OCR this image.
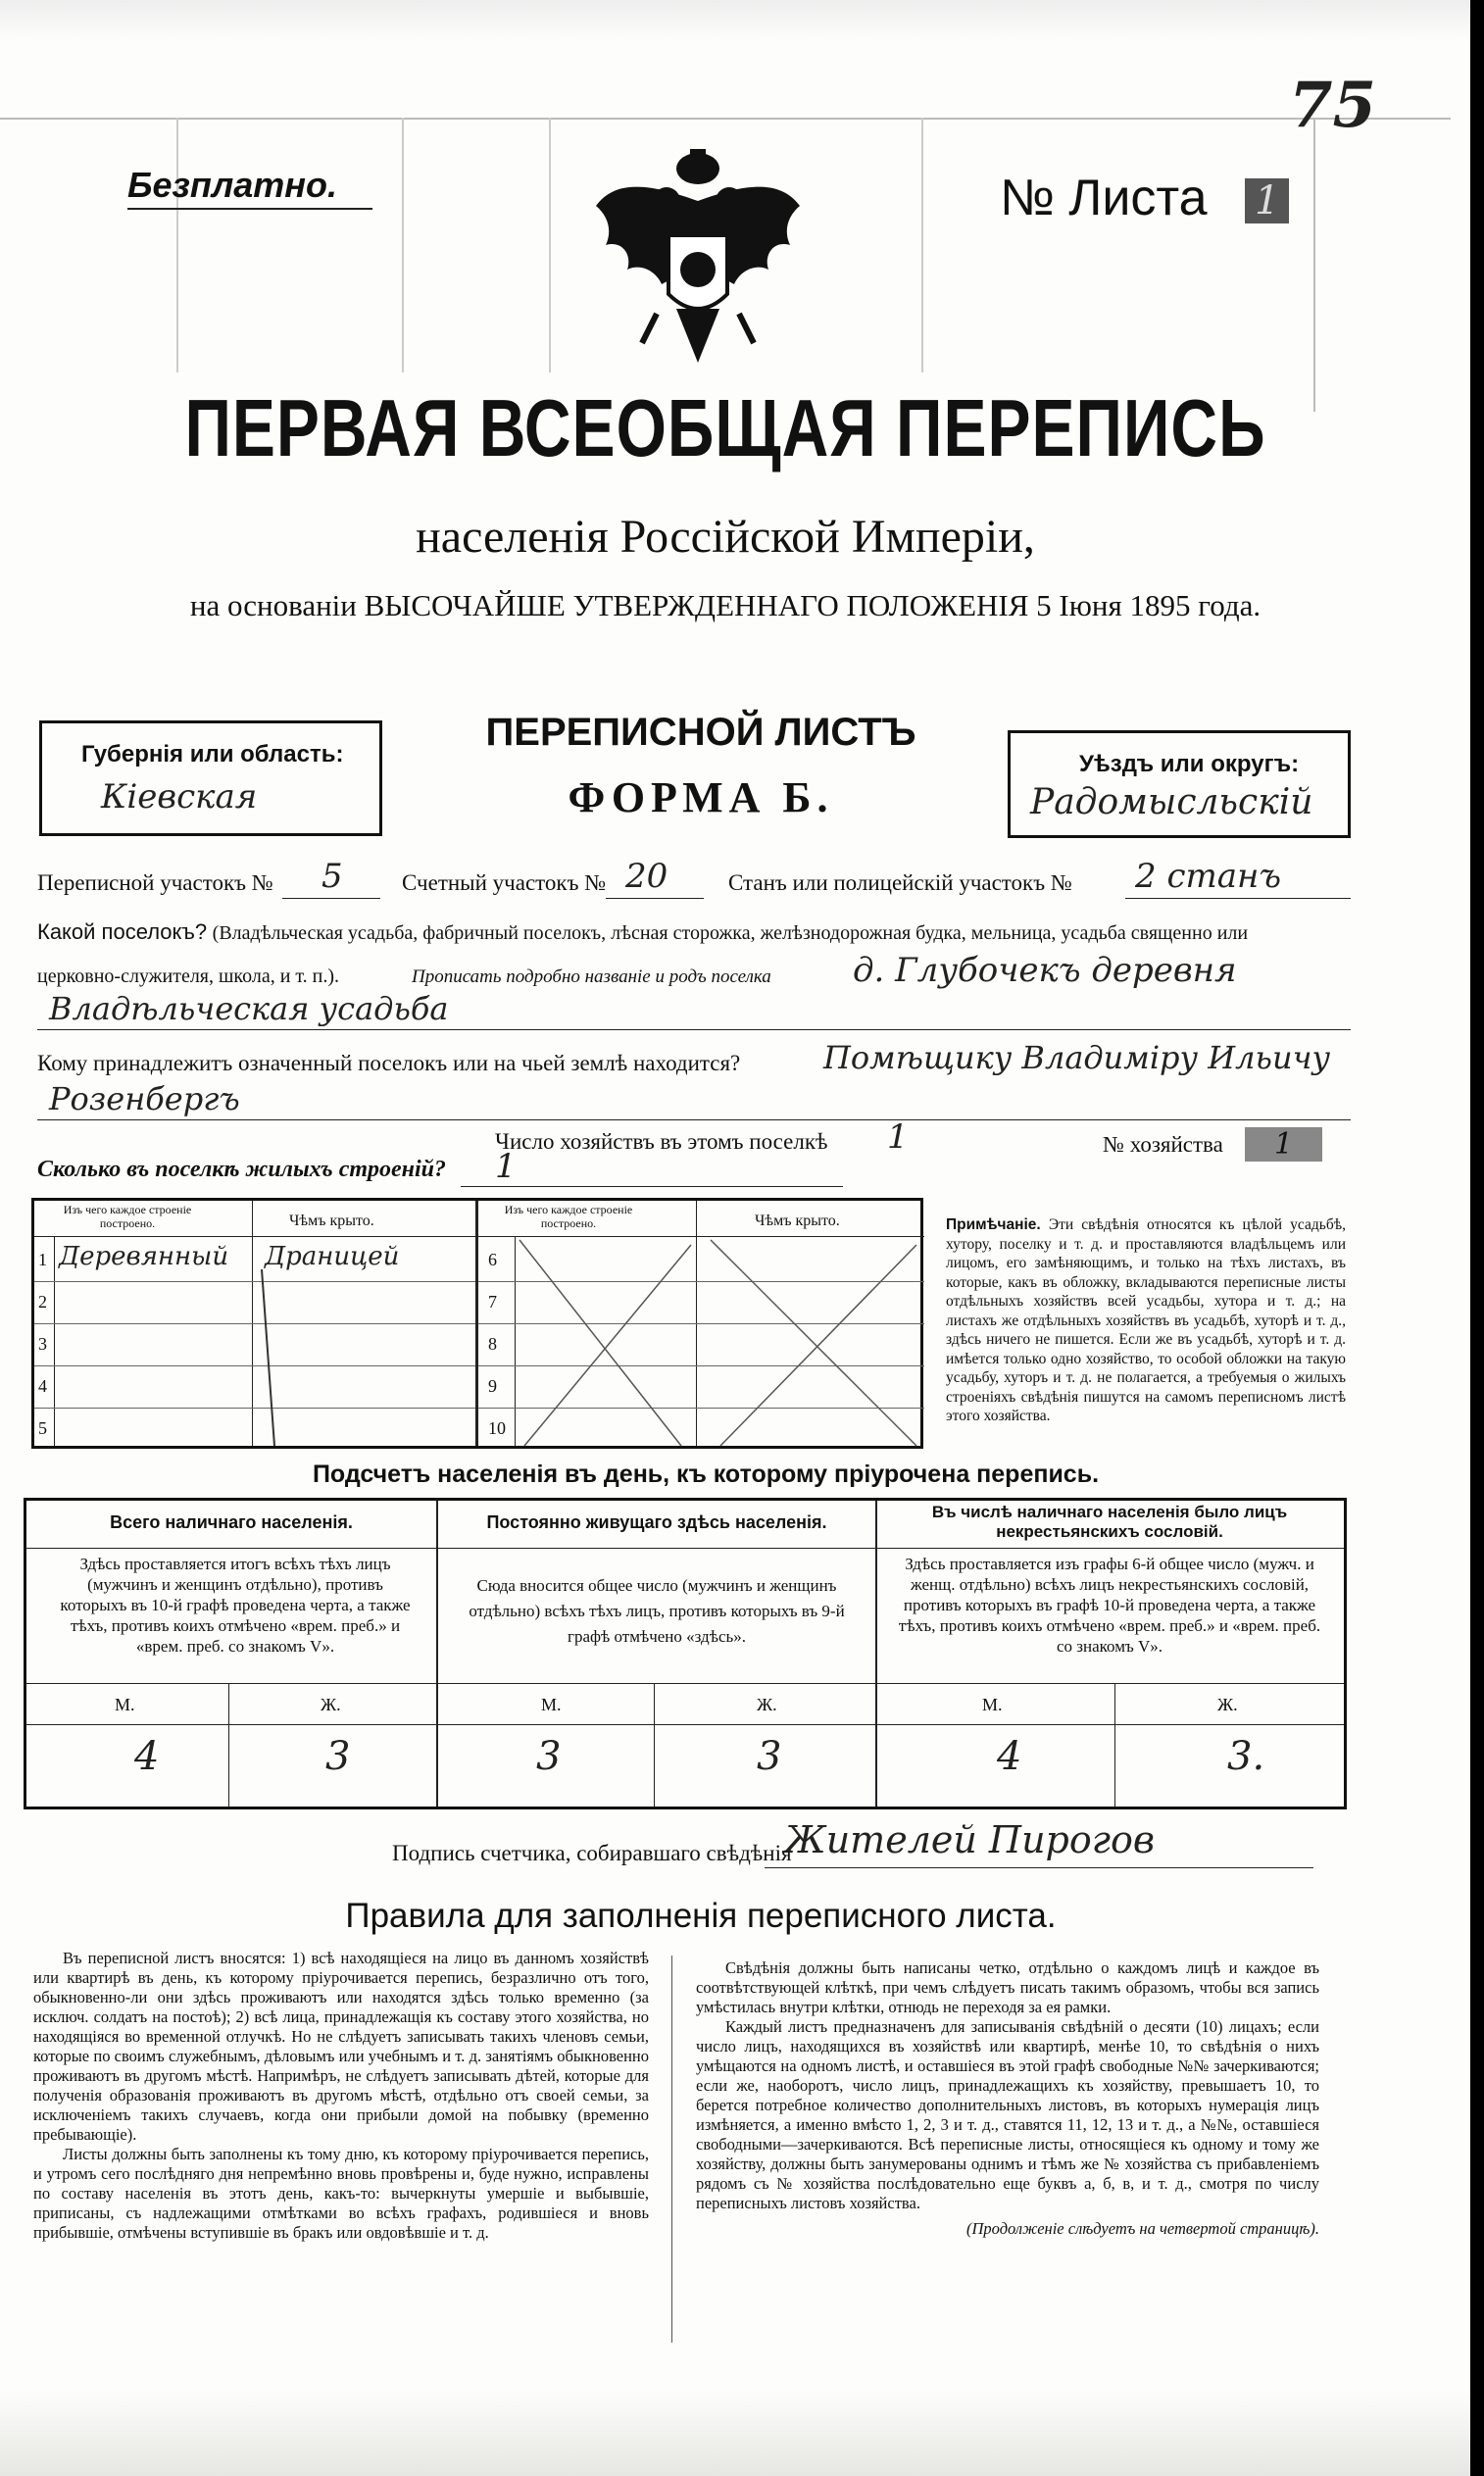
75
Безплатно.	№ Листа 1
ПЕРВАЯ ВСЕОБЩАЯ ПЕРЕПИСЬ
населенія Россійской Имперіи,
на основаніи ВЫСОЧАЙШЕ УТВЕРЖДЕННАГО ПОЛОЖЕНІЯ 5 Іюня 1895 года.
Губернія или область:
Кіевская
ПЕРЕПИСНОЙ ЛИСТЪ
ФОРМА Б.
Уѣздъ или округъ:
Радомысльскій
Переписной участокъ № 5	Счетный участокъ № 20	Станъ или полицейскій участокъ № 2 станъ
Какой поселокъ? (Владѣльческая усадьба, фабричный поселокъ, лѣсная сторожка, желѣзнодорожная будка, мельница, усадьба священно или
церковно-служителя, школа, и т. п.).	Прописать подробно названіе и родъ поселка д. Глубочекъ деревня
Владѣльческая усадьба
Кому принадлежитъ означенный поселокъ или на чьей землѣ находится?	Помѣщику Владиміру Ильичу
Розенбергъ
Число хозяйствъ въ этомъ поселкѣ 1	№ хозяйства	1
Сколько въ поселкѣ жилыхъ строеній? 1
Изъ чего каждое строеніе построено.	Чѣмъ крыто.
1 Деревянный Драницей
2
3
4
5
Изъ чего каждое строеніе построено.	Чѣмъ крыто.
6
7
8
9
10
Примѣчаніе. Эти свѣдѣнія относятся къ цѣлой усадьбѣ, хутору, поселку и т. д. и проставляются владѣльцемъ или лицомъ, его замѣняющимъ, и только на тѣхъ листахъ, въ которые, какъ въ обложку, вкладываются переписные листы отдѣльныхъ хозяйствъ всей усадьбы, хутора и т. д.; на листахъ же отдѣльныхъ хозяйствъ въ усадьбѣ, хуторѣ и т. д., здѣсь ничего не пишется. Если же въ усадьбѣ, хуторѣ и т. д. имѣется только одно хозяйство, то особой обложки на такую усадьбу, хуторъ и т. д. не полагается, а требуемыя о жилыхъ строеніяхъ свѣдѣнія пишутся на самомъ переписномъ листѣ этого хозяйства.
Подсчетъ населенія въ день, къ которому пріурочена перепись.
Всего наличнаго населенія.
Здѣсь проставляется итогъ всѣхъ тѣхъ лицъ (мужчинъ и женщинъ отдѣльно), противъ которыхъ въ 10-й графѣ проведена черта, а также тѣхъ, противъ коихъ отмѣчено «врем. преб.» и «врем. преб. со знакомъ V».
Постоянно живущаго здѣсь населенія.
Сюда вносится общее число (мужчинъ и женщинъ отдѣльно) всѣхъ тѣхъ лицъ, противъ которыхъ въ 9-й графѣ отмѣчено «здѣсь».
Въ числѣ наличнаго населенія было лицъ некрестьянскихъ сословій.
Здѣсь проставляется изъ графы 6-й общее число (мужч. и женщ. отдѣльно) всѣхъ лицъ некрестьянскихъ сословій, противъ которыхъ въ графѣ 10-й проведена черта, а также тѣхъ, противъ коихъ отмѣчено «врем. преб.» и «врем. преб. со знакомъ V».
М.	Ж.	М.	Ж.	М.	Ж.
4	3	3	3	4	3.
Подпись счетчика, собиравшаго свѣдѣнія
Жителей Пирогов
Правила для заполненія переписного листа.
Въ переписной листъ вносятся: 1) всѣ находящіеся на лицо въ данномъ хозяйствѣ или квартирѣ въ день, къ которому пріурочивается перепись, безразлично отъ того, обыкновенно-ли они здѣсь проживаютъ или находятся здѣсь только временно (за исключ. солдатъ на постоѣ); 2) всѣ лица, принадлежащія къ составу этого хозяйства, но находящіяся во временной отлучкѣ. Но не слѣдуетъ записывать такихъ членовъ семьи, которые по своимъ служебнымъ, дѣловымъ или учебнымъ и т. д. занятіямъ обыкновенно проживаютъ въ другомъ мѣстѣ. Напримѣръ, не слѣдуетъ записывать дѣтей, которые для полученія образованія проживаютъ въ другомъ мѣстѣ, отдѣльно отъ своей семьи, за исключеніемъ такихъ случаевъ, когда они прибыли домой на побывку (временно пребывающіе).
Листы должны быть заполнены къ тому дню, къ которому пріурочивается перепись, и утромъ сего послѣдняго дня непремѣнно вновь провѣрены и, буде нужно, исправлены по составу населенія въ этотъ день, какъ-то: вычеркнуты умершіе и выбывшіе, приписаны, съ надлежащими отмѣтками во всѣхъ графахъ, родившіеся и вновь прибывшіе, отмѣчены вступившіе въ бракъ или овдовѣвшіе и т. д.
Свѣдѣнія должны быть написаны четко, отдѣльно о каждомъ лицѣ и каждое въ соотвѣтствующей клѣткѣ, при чемъ слѣдуетъ писать такимъ образомъ, чтобы вся запись умѣстилась внутри клѣтки, отнюдь не переходя за ея рамки.
Каждый листъ предназначенъ для записыванія свѣдѣній о десяти (10) лицахъ; если число лицъ, находящихся въ хозяйствѣ или квартирѣ, менѣе 10, то свѣдѣнія о нихъ умѣщаются на одномъ листѣ, и оставшіеся въ этой графѣ свободные №№ зачеркиваются; если же, наоборотъ, число лицъ, принадлежащихъ къ хозяйству, превышаетъ 10, то берется потребное количество дополнительныхъ листовъ, въ которыхъ нумерація лицъ измѣняется, а именно вмѣсто 1, 2, 3 и т. д., ставятся 11, 12, 13 и т. д., а №№, оставшіеся свободными—зачеркиваются. Всѣ переписные листы, относящіеся къ одному и тому же хозяйству, должны быть занумерованы однимъ и тѣмъ же № хозяйства съ прибавленіемъ рядомъ съ № хозяйства послѣдовательно еще буквъ а, б, в, и т. д., смотря по числу переписныхъ листовъ хозяйства.
(Продолженіе слѣдуетъ на четвертой страницѣ).
